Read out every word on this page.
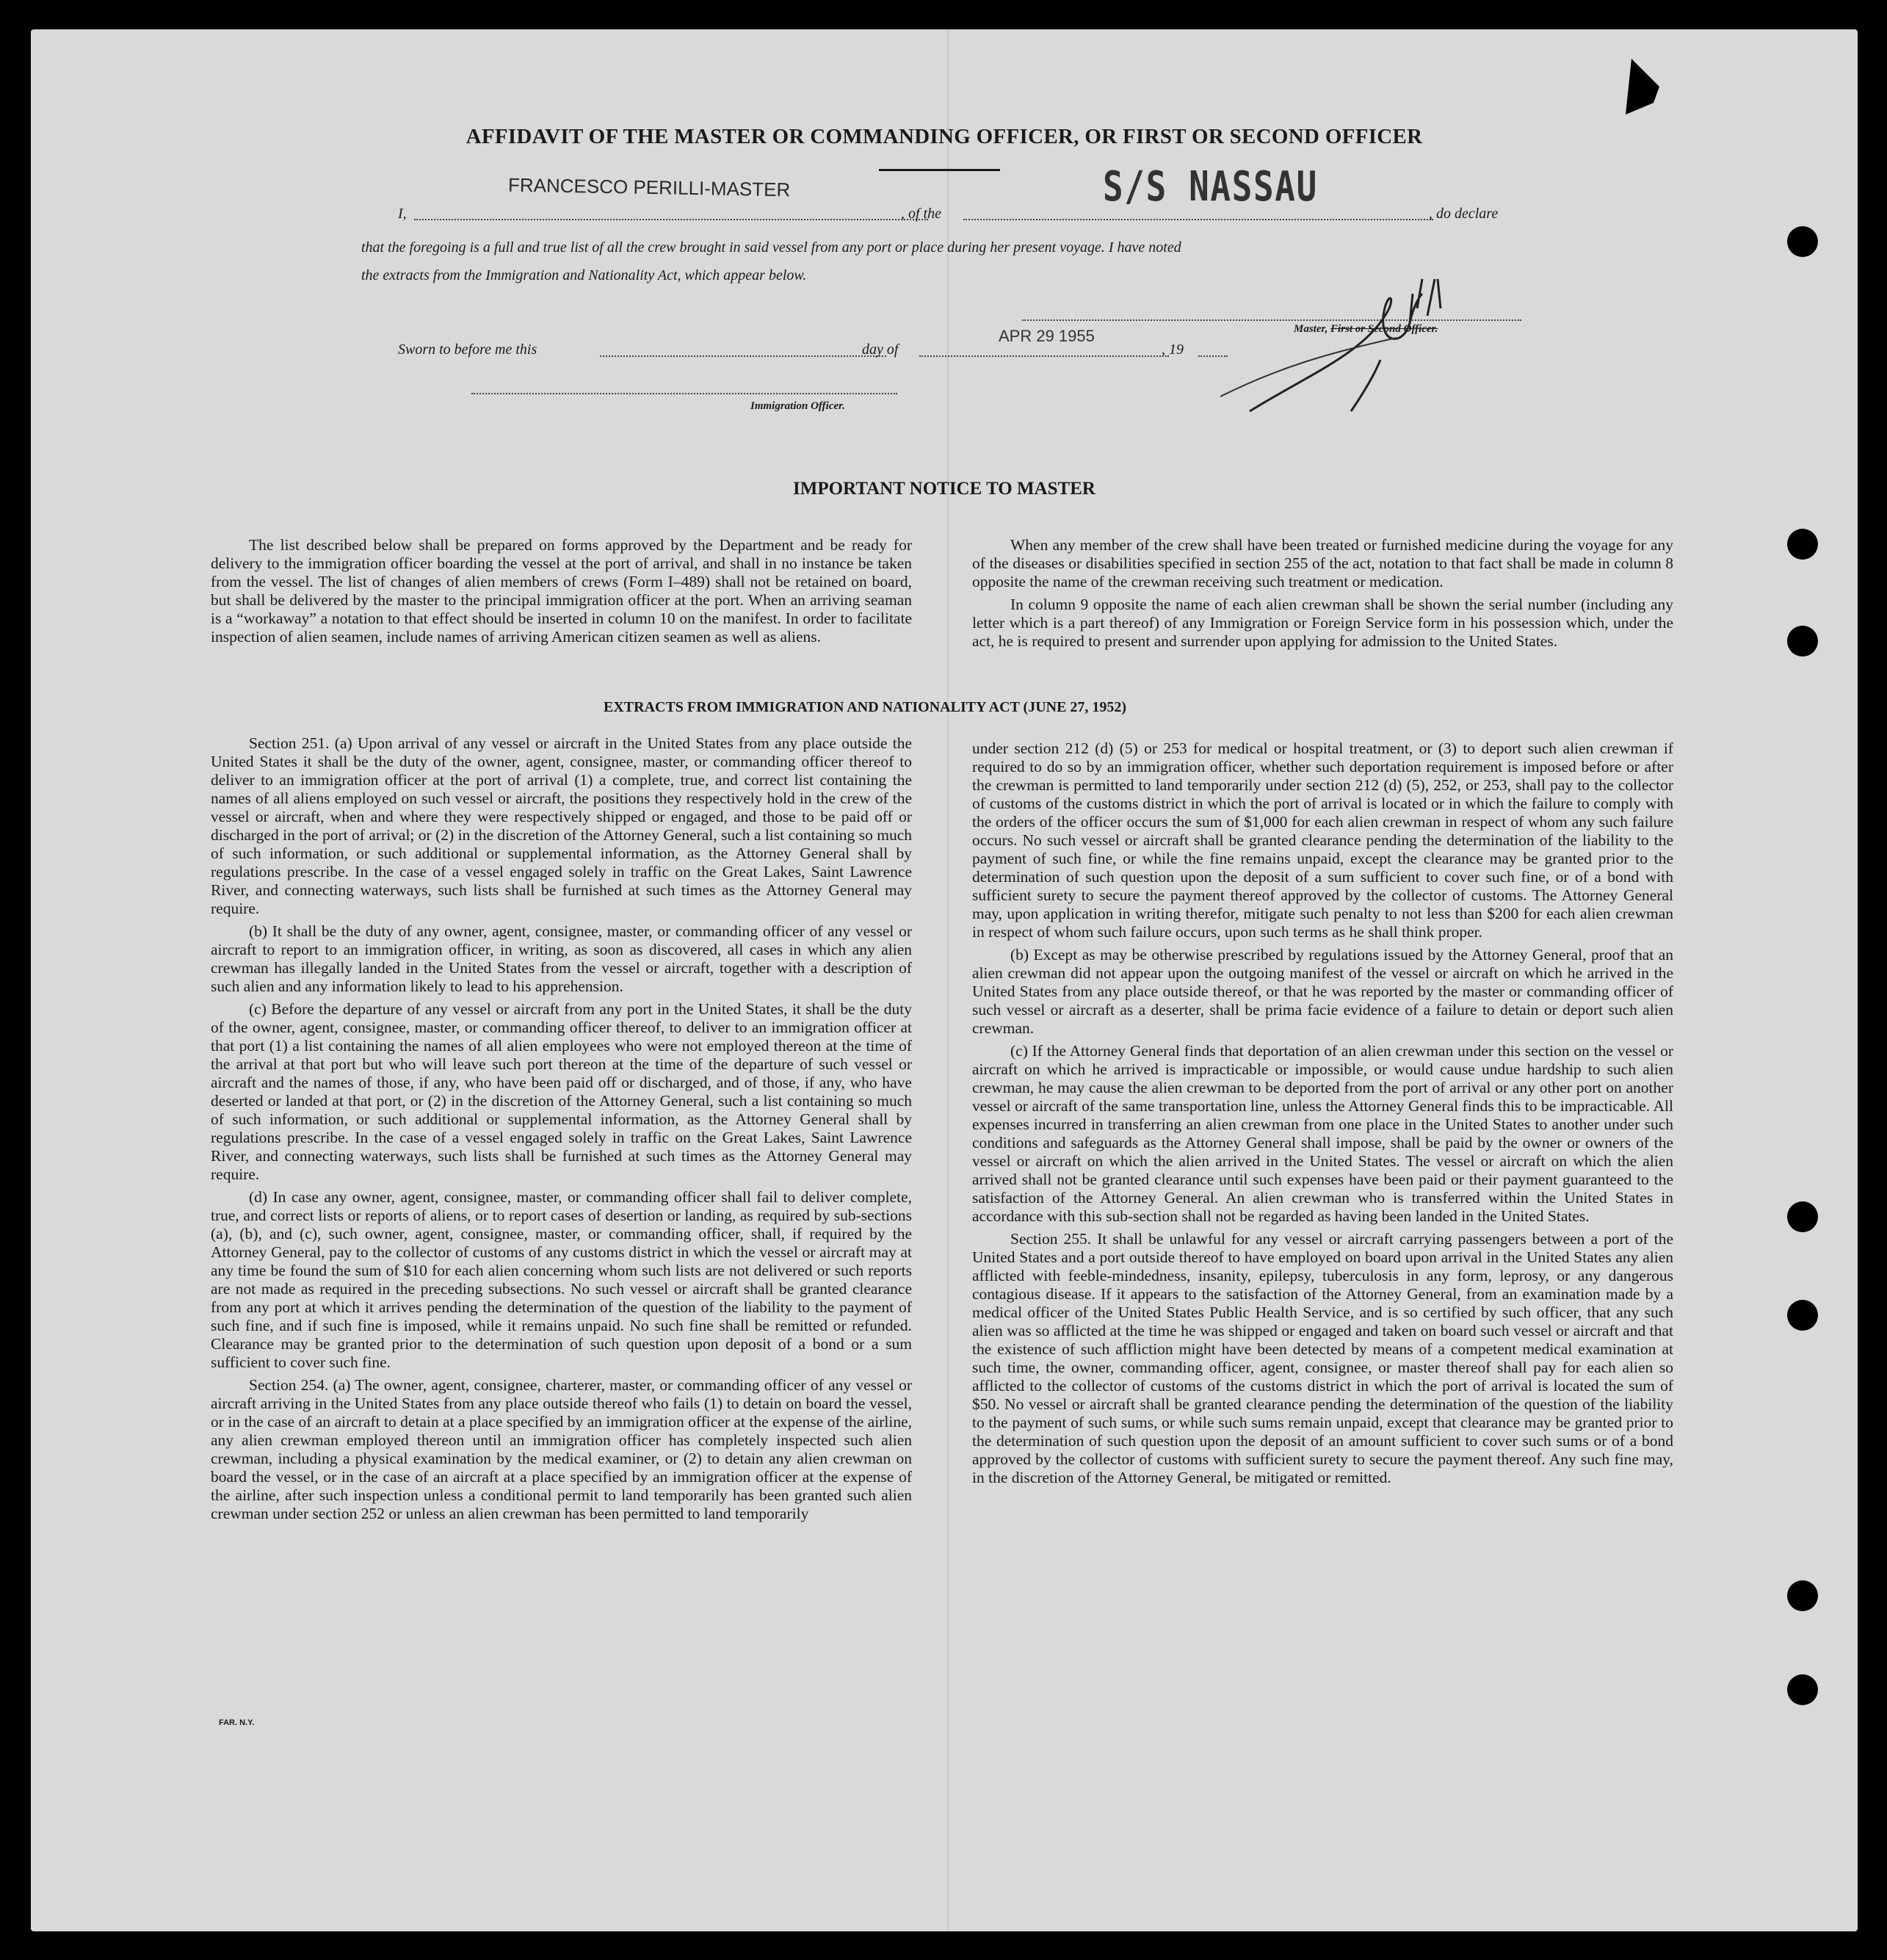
AFFIDAVIT OF THE MASTER OR COMMANDING OFFICER, OR FIRST OR SECOND OFFICER
I,
FRANCESCO PERILLI-MASTER
, of the
S/S NASSAU
, do declare
that the foregoing is a full and true list of all the crew brought in said vessel from any port or place during her present voyage. I have noted
the extracts from the Immigration and Nationality Act, which appear below.
Master, First or Second Officer.
Sworn to before me this	day of
APR 29 1955
, 19
Immigration Officer.
IMPORTANT NOTICE TO MASTER

The list described below shall be prepared on forms approved by the Department and be ready for delivery to the immigration officer boarding the vessel at the port of arrival, and shall in no instance be taken from the vessel. The list of changes of alien members of crews (Form I–489) shall not be retained on board, but shall be delivered by the master to the principal immigration officer at the port. When an arriving seaman is a “workaway” a notation to that effect should be inserted in column 10 on the manifest. In order to facilitate inspection of alien seamen, include names of arriving American citizen seamen as well as aliens.

When any member of the crew shall have been treated or furnished medicine during the voyage for any of the diseases or disabilities specified in section 255 of the act, notation to that fact shall be made in column 8 opposite the name of the crewman receiving such treatment or medication.

In column 9 opposite the name of each alien crewman shall be shown the serial number (including any letter which is a part thereof) of any Immigration or Foreign Service form in his possession which, under the act, he is required to present and surrender upon applying for admission to the United States.

EXTRACTS FROM IMMIGRATION AND NATIONALITY ACT (JUNE 27, 1952)

Section 251. (a) Upon arrival of any vessel or aircraft in the United States from any place outside the United States it shall be the duty of the owner, agent, consignee, master, or commanding officer thereof to deliver to an immigration officer at the port of arrival (1) a complete, true, and correct list containing the names of all aliens employed on such vessel or aircraft, the positions they respectively hold in the crew of the vessel or aircraft, when and where they were respectively shipped or engaged, and those to be paid off or discharged in the port of arrival; or (2) in the discretion of the Attorney General, such a list containing so much of such information, or such additional or supplemental information, as the Attorney General shall by regulations prescribe. In the case of a vessel engaged solely in traffic on the Great Lakes, Saint Lawrence River, and connecting waterways, such lists shall be furnished at such times as the Attorney General may require.

(b) It shall be the duty of any owner, agent, consignee, master, or commanding officer of any vessel or aircraft to report to an immigration officer, in writing, as soon as discovered, all cases in which any alien crewman has illegally landed in the United States from the vessel or aircraft, together with a description of such alien and any information likely to lead to his apprehension.

(c) Before the departure of any vessel or aircraft from any port in the United States, it shall be the duty of the owner, agent, consignee, master, or commanding officer thereof, to deliver to an immigration officer at that port (1) a list containing the names of all alien employees who were not employed thereon at the time of the arrival at that port but who will leave such port thereon at the time of the departure of such vessel or aircraft and the names of those, if any, who have been paid off or discharged, and of those, if any, who have deserted or landed at that port, or (2) in the discretion of the Attorney General, such a list containing so much of such information, or such additional or supplemental information, as the Attorney General shall by regulations prescribe. In the case of a vessel engaged solely in traffic on the Great Lakes, Saint Lawrence River, and connecting waterways, such lists shall be furnished at such times as the Attorney General may require.

(d) In case any owner, agent, consignee, master, or commanding officer shall fail to deliver complete, true, and correct lists or reports of aliens, or to report cases of desertion or landing, as required by sub-sections (a), (b), and (c), such owner, agent, consignee, master, or commanding officer, shall, if required by the Attorney General, pay to the collector of customs of any customs district in which the vessel or aircraft may at any time be found the sum of $10 for each alien concerning whom such lists are not delivered or such reports are not made as required in the preceding subsections. No such vessel or aircraft shall be granted clearance from any port at which it arrives pending the determination of the question of the liability to the payment of such fine, and if such fine is imposed, while it remains unpaid. No such fine shall be remitted or refunded. Clearance may be granted prior to the determination of such question upon deposit of a bond or a sum sufficient to cover such fine.

Section 254. (a) The owner, agent, consignee, charterer, master, or commanding officer of any vessel or aircraft arriving in the United States from any place outside thereof who fails (1) to detain on board the vessel, or in the case of an aircraft to detain at a place specified by an immigration officer at the expense of the airline, any alien crewman employed thereon until an immigration officer has completely inspected such alien crewman, including a physical examination by the medical examiner, or (2) to detain any alien crewman on board the vessel, or in the case of an aircraft at a place specified by an immigration officer at the expense of the airline, after such inspection unless a conditional permit to land temporarily has been granted such alien crewman under section 252 or unless an alien crewman has been permitted to land temporarily

under section 212 (d) (5) or 253 for medical or hospital treatment, or (3) to deport such alien crewman if required to do so by an immigration officer, whether such deportation requirement is imposed before or after the crewman is permitted to land temporarily under section 212 (d) (5), 252, or 253, shall pay to the collector of customs of the customs district in which the port of arrival is located or in which the failure to comply with the orders of the officer occurs the sum of $1,000 for each alien crewman in respect of whom any such failure occurs. No such vessel or aircraft shall be granted clearance pending the determination of the liability to the payment of such fine, or while the fine remains unpaid, except the clearance may be granted prior to the determination of such question upon the deposit of a sum sufficient to cover such fine, or of a bond with sufficient surety to secure the payment thereof approved by the collector of customs. The Attorney General may, upon application in writing therefor, mitigate such penalty to not less than $200 for each alien crewman in respect of whom such failure occurs, upon such terms as he shall think proper.

(b) Except as may be otherwise prescribed by regulations issued by the Attorney General, proof that an alien crewman did not appear upon the outgoing manifest of the vessel or aircraft on which he arrived in the United States from any place outside thereof, or that he was reported by the master or commanding officer of such vessel or aircraft as a deserter, shall be prima facie evidence of a failure to detain or deport such alien crewman.

(c) If the Attorney General finds that deportation of an alien crewman under this section on the vessel or aircraft on which he arrived is impracticable or impossible, or would cause undue hardship to such alien crewman, he may cause the alien crewman to be deported from the port of arrival or any other port on another vessel or aircraft of the same transportation line, unless the Attorney General finds this to be impracticable. All expenses incurred in transferring an alien crewman from one place in the United States to another under such conditions and safeguards as the Attorney General shall impose, shall be paid by the owner or owners of the vessel or aircraft on which the alien arrived in the United States. The vessel or aircraft on which the alien arrived shall not be granted clearance until such expenses have been paid or their payment guaranteed to the satisfaction of the Attorney General. An alien crewman who is transferred within the United States in accordance with this sub-section shall not be regarded as having been landed in the United States.

Section 255. It shall be unlawful for any vessel or aircraft carrying passengers between a port of the United States and a port outside thereof to have employed on board upon arrival in the United States any alien afflicted with feeble-mindedness, insanity, epilepsy, tuberculosis in any form, leprosy, or any dangerous contagious disease. If it appears to the satisfaction of the Attorney General, from an examination made by a medical officer of the United States Public Health Service, and is so certified by such officer, that any such alien was so afflicted at the time he was shipped or engaged and taken on board such vessel or aircraft and that the existence of such affliction might have been detected by means of a competent medical examination at such time, the owner, commanding officer, agent, consignee, or master thereof shall pay for each alien so afflicted to the collector of customs of the customs district in which the port of arrival is located the sum of $50. No vessel or aircraft shall be granted clearance pending the determination of the question of the liability to the payment of such sums, or while such sums remain unpaid, except that clearance may be granted prior to the determination of such question upon the deposit of an amount sufficient to cover such sums or of a bond approved by the collector of customs with sufficient surety to secure the payment thereof. Any such fine may, in the discretion of the Attorney General, be mitigated or remitted.

FAR. N.Y.
